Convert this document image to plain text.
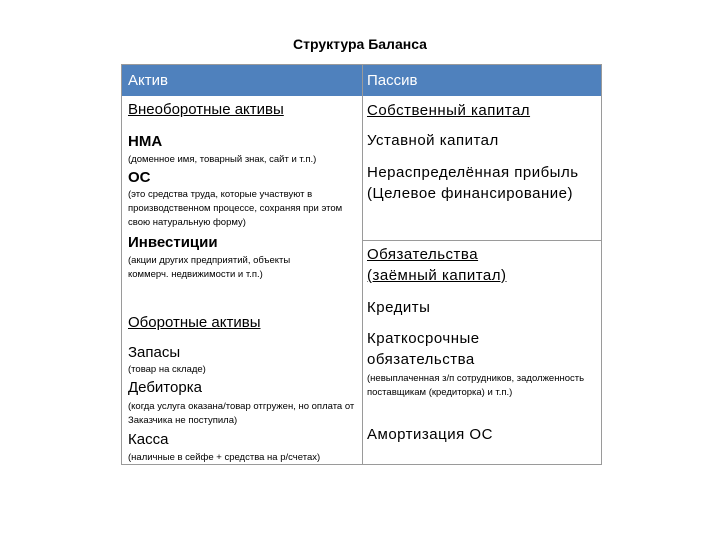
Структура Баланса
Актив	Пассив
Внеоборотные активы
НМА
(доменное имя, товарный знак, сайт и т.п.)
ОС
(это средства труда, которые участвуют в производственном процессе, сохраняя при этом свою натуральную форму)
Инвестиции
(акции других предприятий, объекты коммерч. недвижимости и т.п.)
Оборотные активы
Запасы
(товар на складе)
Дебиторка
(когда услуга оказана/товар отгружен, но оплата от Заказчика не поступила)
Касса
(наличные в сейфе + средства на р/счетах)
Собственный капитал
Уставной капитал
Нераспределённая прибыль
(Целевое финансирование)
Обязательства
(заёмный капитал)
Кредиты
Краткосрочные
обязательства
(невыплаченная з/п сотрудников, задолженность поставщикам (кредиторка) и т.п.)
Амортизация ОС
